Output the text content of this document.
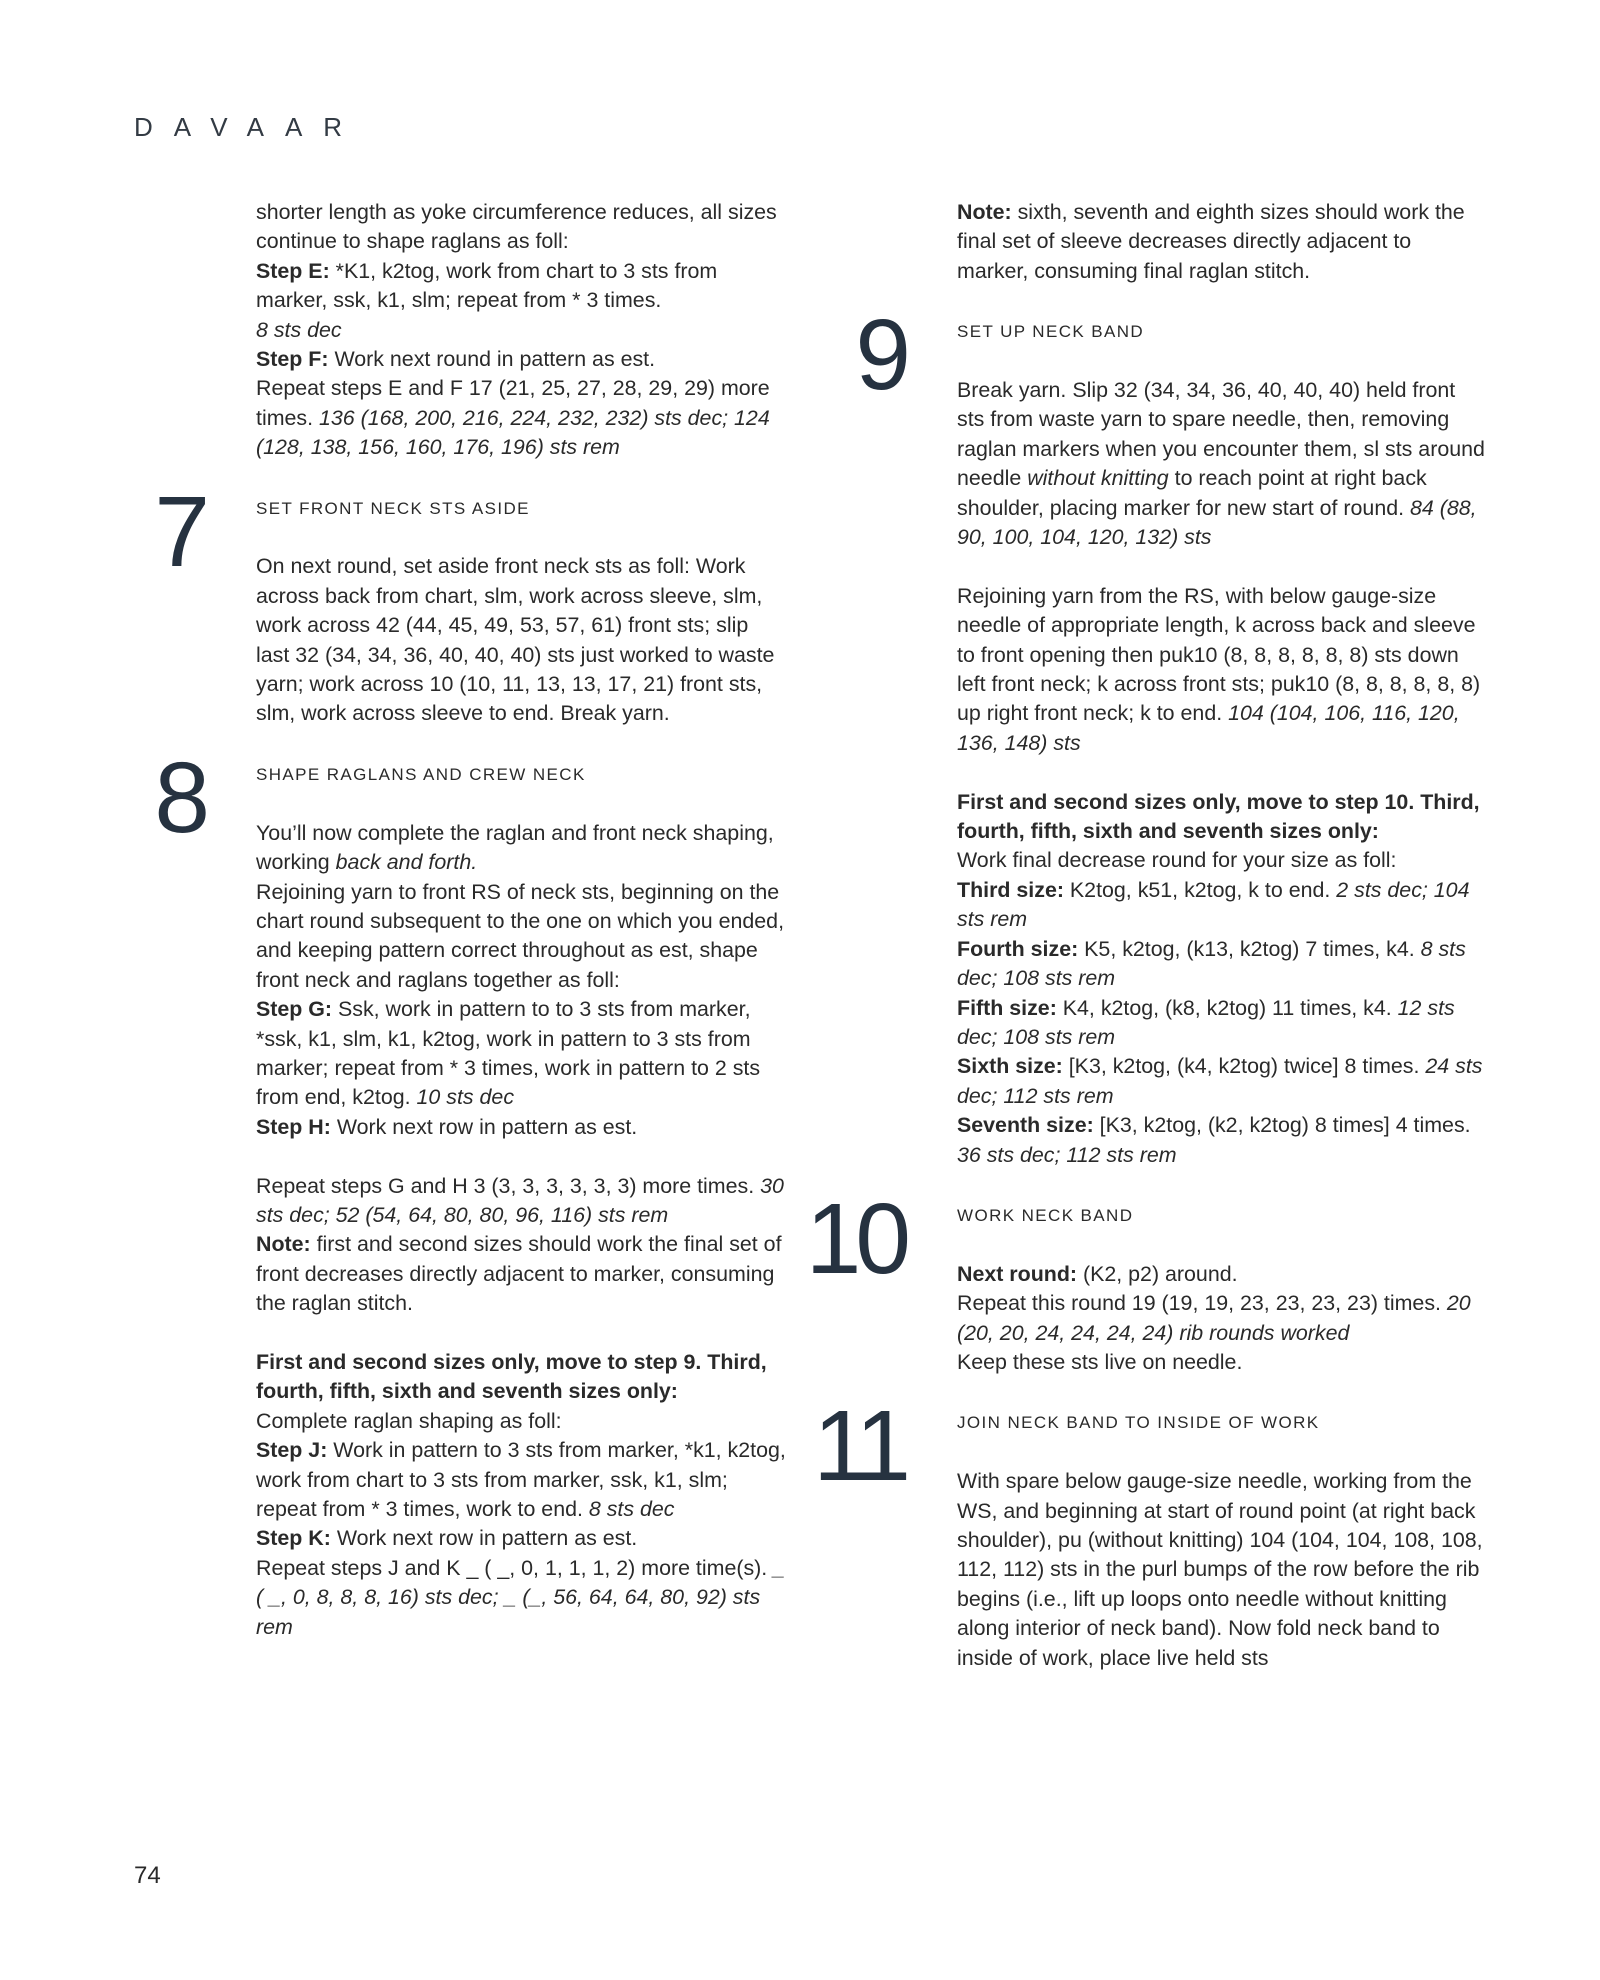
DAVAAR

shorter length as yoke circumference reduces, all sizes continue to shape raglans as foll:

Step E: *K1, k2tog, work from chart to 3 sts from marker, ssk, k1, slm; repeat from * 3 times.
8 sts dec

Step F: Work next round in pattern as est.
Repeat steps E and F 17 (21, 25, 27, 28, 29, 29) more times. 136 (168, 200, 216, 224, 232, 232) sts dec; 124 (128, 138, 156, 160, 176, 196) sts rem

7	SET FRONT NECK STS ASIDE

On next round, set aside front neck sts as foll: Work across back from chart, slm, work across sleeve, slm, work across 42 (44, 45, 49, 53, 57, 61) front sts; slip last 32 (34, 34, 36, 40, 40, 40) sts just worked to waste yarn; work across 10 (10, 11, 13, 13, 17, 21) front sts, slm, work across sleeve to end. Break yarn.

8	SHAPE RAGLANS AND CREW NECK

You’ll now complete the raglan and front neck shaping, working back and forth.

Rejoining yarn to front RS of neck sts, beginning on the chart round subsequent to the one on which you ended, and keeping pattern correct throughout as est, shape front neck and raglans together as foll:

Step G: Ssk, work in pattern to to 3 sts from marker, *ssk, k1, slm, k1, k2tog, work in pattern to 3 sts from marker; repeat from * 3 times, work in pattern to 2 sts from end, k2tog. 10 sts dec

Step H: Work next row in pattern as est.

Repeat steps G and H 3 (3, 3, 3, 3, 3, 3) more times. 30 sts dec; 52 (54, 64, 80, 80, 96, 116) sts rem

Note: first and second sizes should work the final set of front decreases directly adjacent to marker, consuming the raglan stitch.

First and second sizes only, move to step 9. Third, fourth, fifth, sixth and seventh sizes only:

Complete raglan shaping as foll:

Step J: Work in pattern to 3 sts from marker, *k1, k2tog, work from chart to 3 sts from marker, ssk, k1, slm; repeat from * 3 times, work to end. 8 sts dec

Step K: Work next row in pattern as est.
Repeat steps J and K _ ( _, 0, 1, 1, 1, 2) more time(s). _ ( _, 0, 8, 8, 8, 16) sts dec; _ (_, 56, 64, 64, 80, 92) sts rem

Note: sixth, seventh and eighth sizes should work the final set of sleeve decreases directly adjacent to marker, consuming final raglan stitch.

9	SET UP NECK BAND

Break yarn. Slip 32 (34, 34, 36, 40, 40, 40) held front sts from waste yarn to spare needle, then, removing raglan markers when you encounter them, sl sts around needle without knitting to reach point at right back shoulder, placing marker for new start of round. 84 (88, 90, 100, 104, 120, 132) sts

Rejoining yarn from the RS, with below gauge-size needle of appropriate length, k across back and sleeve to front opening then puk10 (8, 8, 8, 8, 8, 8) sts down left front neck; k across front sts; puk10 (8, 8, 8, 8, 8, 8) up right front neck; k to end. 104 (104, 106, 116, 120, 136, 148) sts

First and second sizes only, move to step 10. Third, fourth, fifth, sixth and seventh sizes only:

Work final decrease round for your size as foll:

Third size: K2tog, k51, k2tog, k to end. 2 sts dec; 104 sts rem

Fourth size: K5, k2tog, (k13, k2tog) 7 times, k4. 8 sts dec; 108 sts rem

Fifth size: K4, k2tog, (k8, k2tog) 11 times, k4. 12 sts dec; 108 sts rem

Sixth size: [K3, k2tog, (k4, k2tog) twice] 8 times. 24 sts dec; 112 sts rem

Seventh size: [K3, k2tog, (k2, k2tog) 8 times] 4 times. 36 sts dec; 112 sts rem

10	WORK NECK BAND

Next round: (K2, p2) around.

Repeat this round 19 (19, 19, 23, 23, 23, 23) times. 20 (20, 20, 24, 24, 24, 24) rib rounds worked

Keep these sts live on needle.

11	JOIN NECK BAND TO INSIDE OF WORK

With spare below gauge-size needle, working from the WS, and beginning at start of round point (at right back shoulder), pu (without knitting) 104 (104, 104, 108, 108, 112, 112) sts in the purl bumps of the row before the rib begins (i.e., lift up loops onto needle without knitting along interior of neck band). Now fold neck band to inside of work, place live held sts

74
